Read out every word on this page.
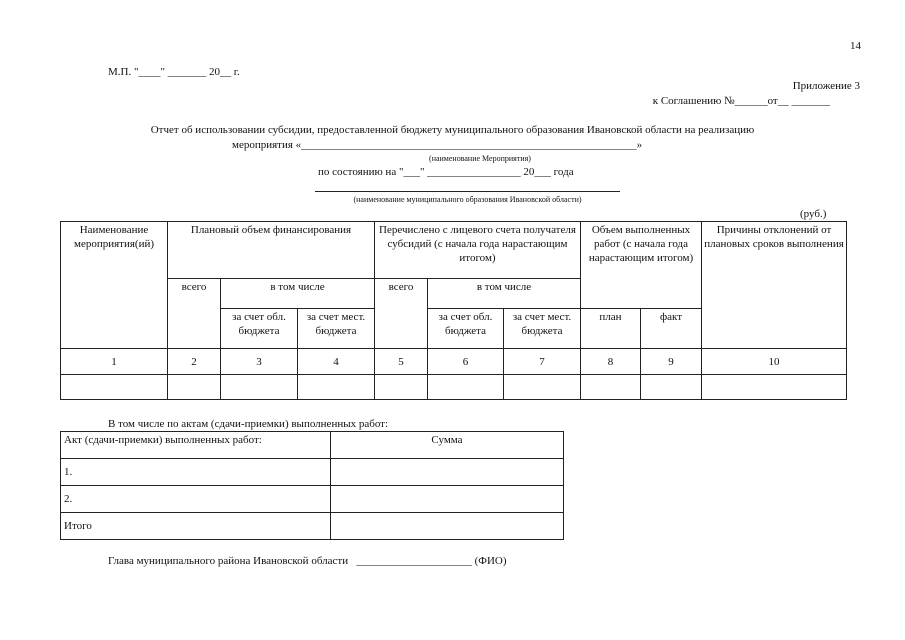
14
М.П. "____" _______ 20__ г.
Приложение 3
к Соглашению №______от__ _______
Отчет об использовании субсидии, предоставленной бюджету муниципального образования Ивановской области на реализацию
мероприятия «_____________________________________________________________»
(наименование Мероприятия)
по состоянию на "___" _________________ 20___ года
(наименование муниципального образования Ивановской области)
(руб.)
Наименование мероприятия(ий)	Плановый объем финансирования			Перечислено с лицевого счета получателя субсидий (с начала года нарастающим итогом)			Объем выполненных работ (с начала года нарастающим итогом)		Причины отклонений от плановых сроков выполнения
	всего	в том числе		всего	в том числе				
		за счет обл. бюджета	за счет мест. бюджета		за счет обл. бюджета	за счет мест. бюджета	план	факт	
1	2	3	4	5	6	7	8	9	10

В том числе по актам (сдачи-приемки) выполненных работ:
Акт (сдачи-приемки) выполненных работ:	Сумма
1.	
2.	
Итого	
Глава муниципального района Ивановской области   _____________________ (ФИО)
